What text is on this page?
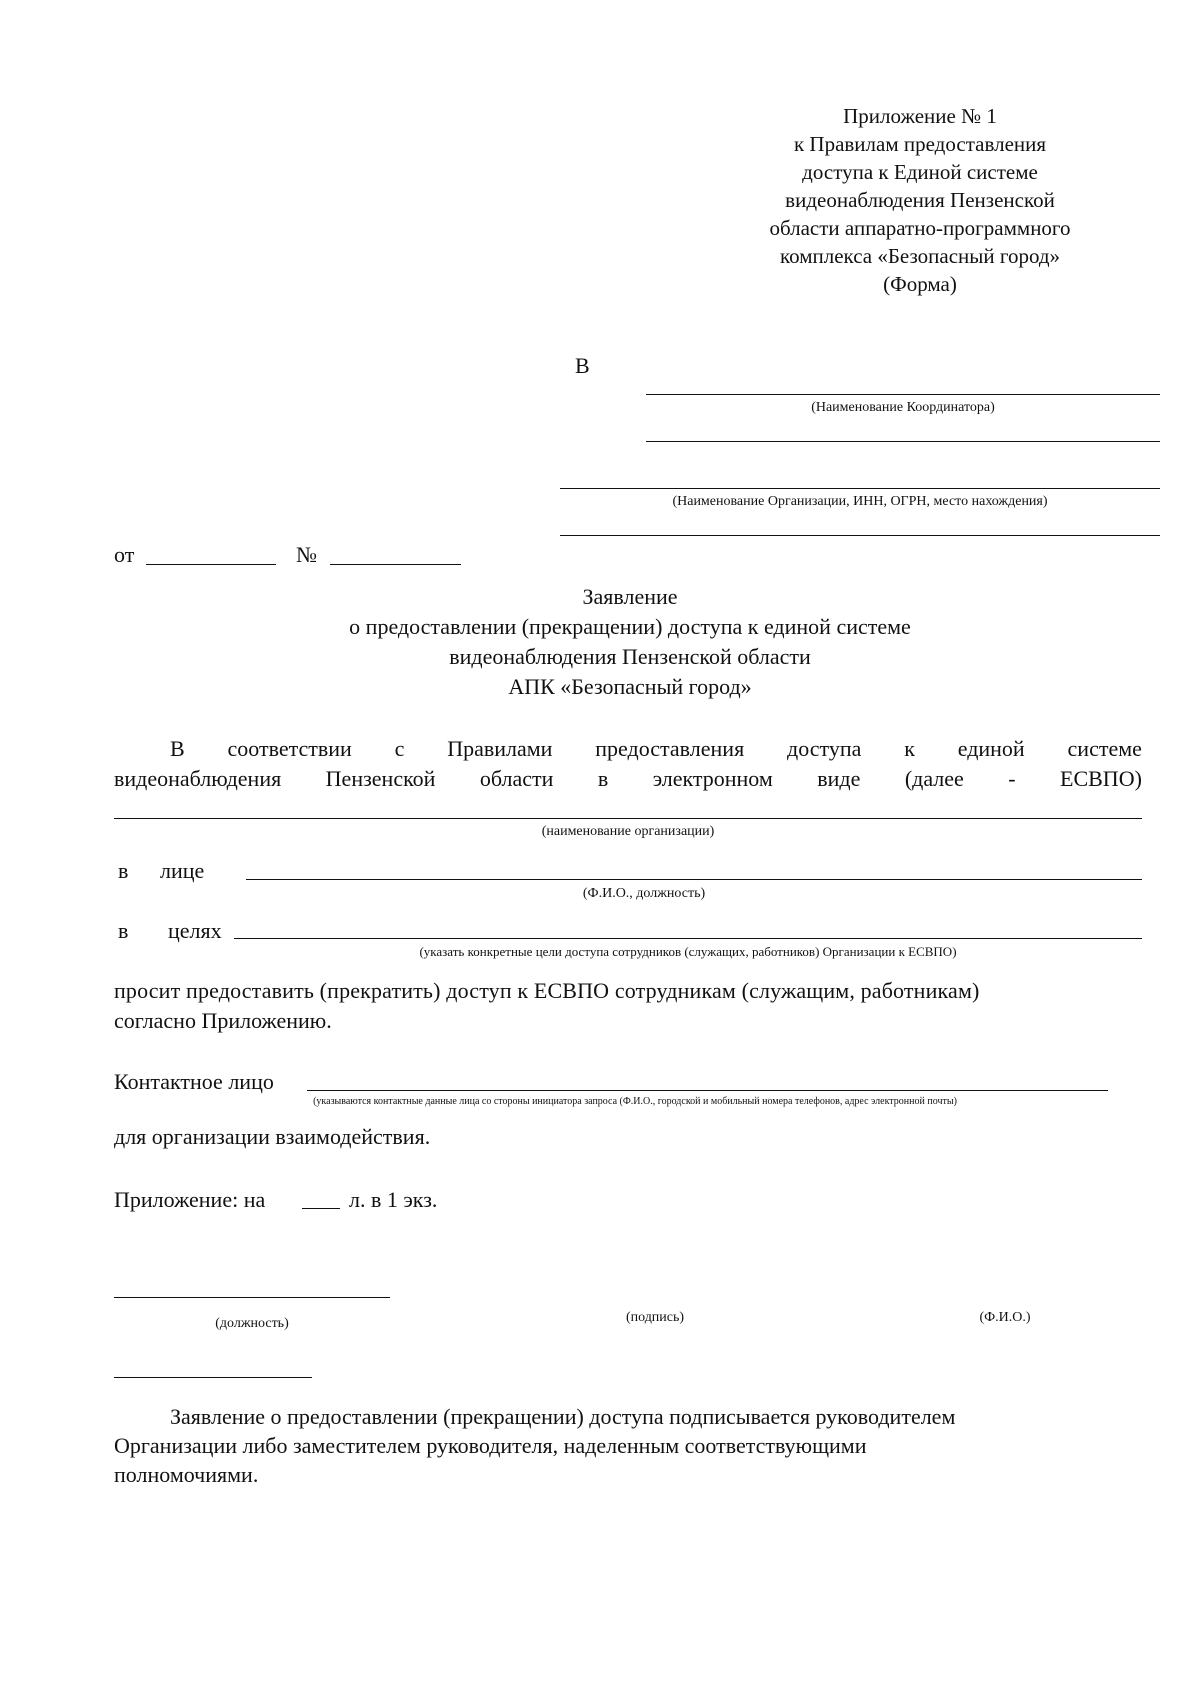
Приложение № 1
к Правилам предоставления
доступа к Единой системе
видеонаблюдения Пензенской
области аппаратно-программного
комплекса «Безопасный город»
(Форма)
В
(Наименование Координатора)
(Наименование Организации, ИНН, ОГРН, место нахождения)
от	№
Заявление
о предоставлении (прекращении) доступа к единой системе
видеонаблюдения Пензенской области
АПК «Безопасный город»
В соответствии с Правилами предоставления доступа к единой системе
видеонаблюдения Пензенской области в электронном виде (далее - ЕСВПО)
(наименование организации)
в лице
(Ф.И.О., должность)
в целях
(указать конкретные цели доступа сотрудников (служащих, работников) Организации к ЕСВПО)
просит предоставить (прекратить) доступ к ЕСВПО сотрудникам (служащим, работникам)
согласно Приложению.
Контактное лицо
(указываются контактные данные лица со стороны инициатора запроса (Ф.И.О., городской и мобильный номера телефонов, адрес электронной почты)
для организации взаимодействия.
Приложение: на	л. в 1 экз.
(должность)	(подпись)	(Ф.И.О.)
Заявление о предоставлении (прекращении) доступа подписывается руководителем
Организации либо заместителем руководителя, наделенным соответствующими
полномочиями.
